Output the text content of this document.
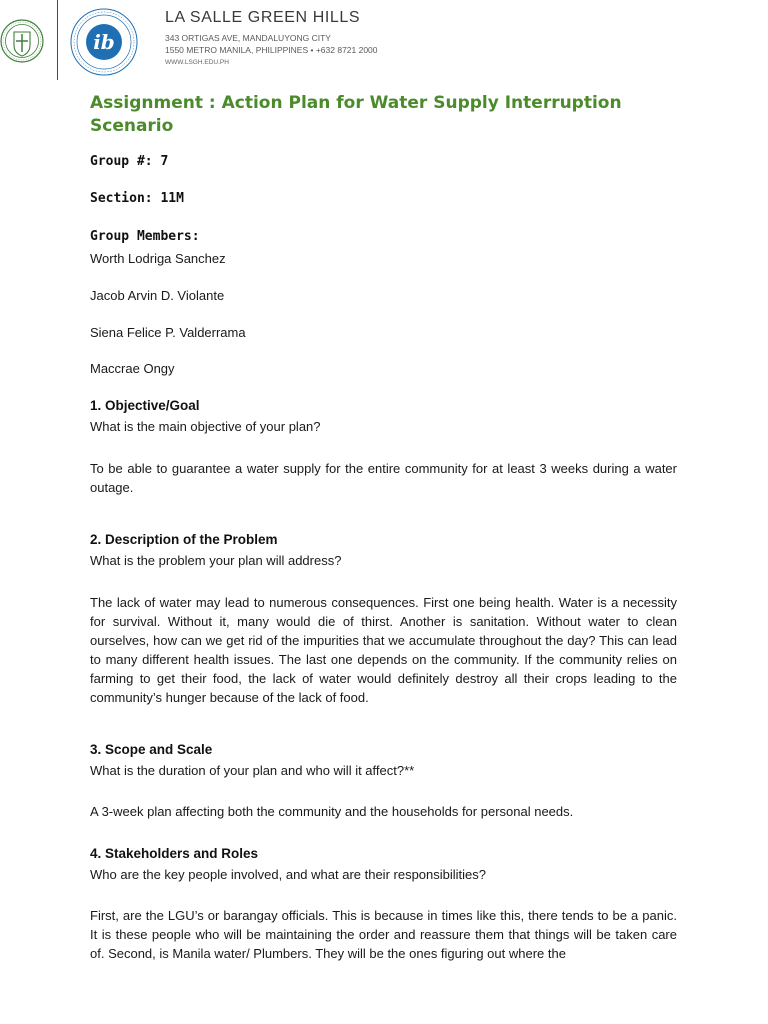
ib
LA SALLE GREEN HILLS
343 ORTIGAS AVE, MANDALUYONG CITY
1550 METRO MANILA, PHILIPPINES • +632 8721 2000
WWW.LSGH.EDU.PH
Assignment : Action Plan for Water Supply Interruption Scenario
Group #: 7
Section: 11M
Group Members:

Worth Lodriga Sanchez

Jacob Arvin D. Violante

Siena Felice P. Valderrama

Maccrae Ongy

1. Objective/Goal

What is the main objective of your plan?

To be able to guarantee a water supply for the entire community for at least 3 weeks during a water outage.

2. Description of the Problem

What is the problem your plan will address?

The lack of water may lead to numerous consequences. First one being health. Water is a necessity for survival. Without it, many would die of thirst. Another is sanitation. Without water to clean ourselves, how can we get rid of the impurities that we accumulate throughout the day? This can lead to many different health issues. The last one depends on the community. If the community relies on farming to get their food, the lack of water would definitely destroy all their crops leading to the community’s hunger because of the lack of food.

3. Scope and Scale

What is the duration of your plan and who will it affect?**

A 3-week plan affecting both the community and the households for personal needs.

4. Stakeholders and Roles

Who are the key people involved, and what are their responsibilities?

First, are the LGU’s or barangay officials. This is because in times like this, there tends to be a panic. It is these people who will be maintaining the order and reassure them that things will be taken care of. Second, is Manila water/ Plumbers. They will be the ones figuring out where the
